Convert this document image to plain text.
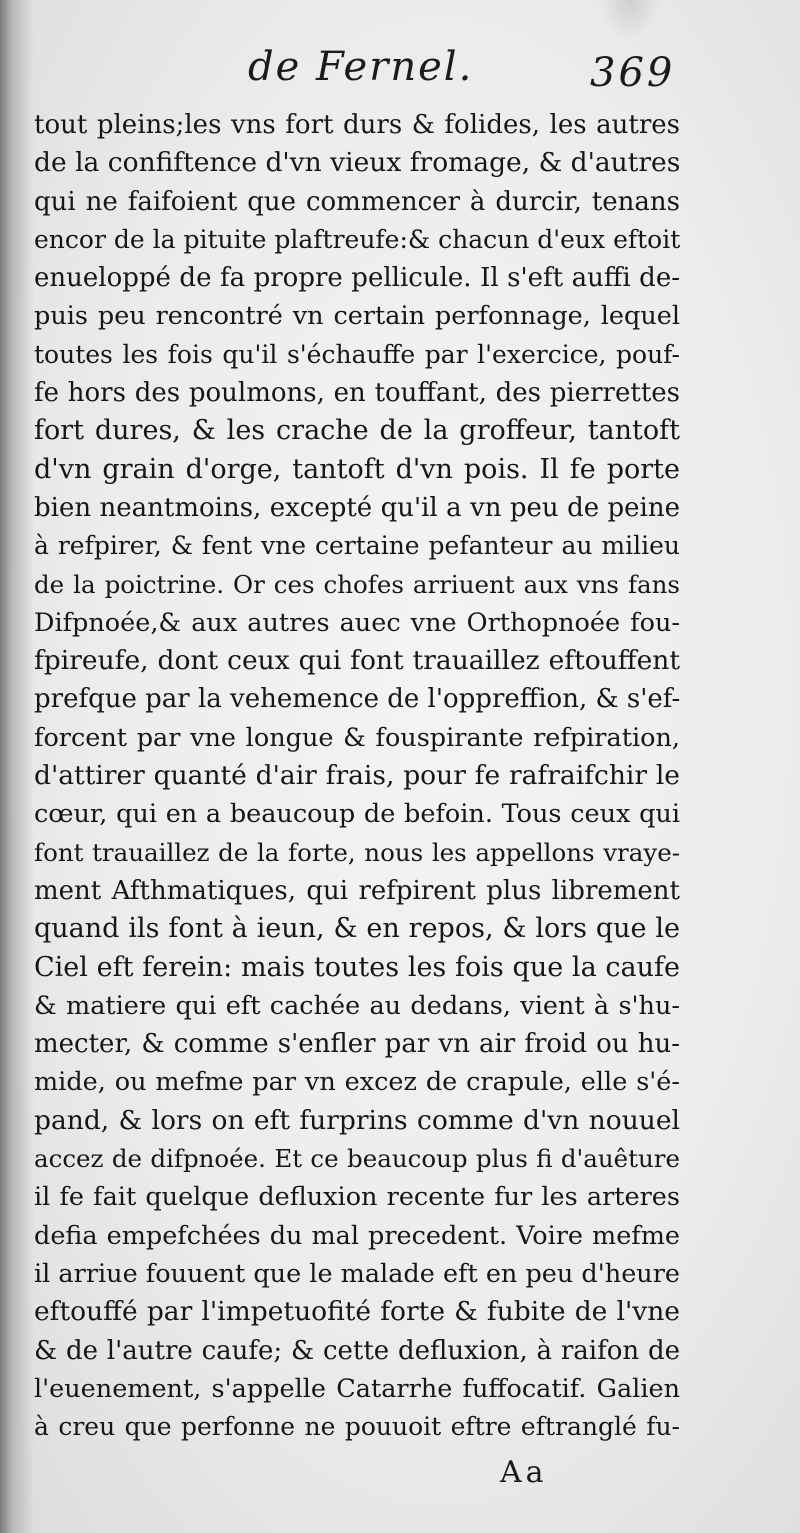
de Fernel.	369
tout pleins;les vns fort durs & folides, les autres
de la confiftence d'vn vieux fromage, & d'autres
qui ne faifoient que commencer à durcir, tenans
encor de la pituite plaftreufe:& chacun d'eux eftoit
enueloppé de fa propre pellicule. Il s'eft auffi de-
puis peu rencontré vn certain perfonnage, lequel
toutes les fois qu'il s'échauffe par l'exercice, pouf-
fe hors des poulmons, en touffant, des pierrettes
fort dures, & les crache de la groffeur, tantoft
d'vn grain d'orge, tantoft d'vn pois. Il fe porte
bien neantmoins, excepté qu'il a vn peu de peine
à refpirer, & fent vne certaine pefanteur au milieu
de la poictrine. Or ces chofes arriuent aux vns fans
Difpnoée,& aux autres auec vne Orthopnoée fou-
fpireufe, dont ceux qui font trauaillez eftouffent
prefque par la vehemence de l'oppreffion, & s'ef-
forcent par vne longue & fouspirante refpiration,
d'attirer quanté d'air frais, pour fe rafraifchir le
cœur, qui en a beaucoup de befoin. Tous ceux qui
font trauaillez de la forte, nous les appellons vraye-
ment Afthmatiques, qui refpirent plus librement
quand ils font à ieun, & en repos, & lors que le
Ciel eft ferein: mais toutes les fois que la caufe
& matiere qui eft cachée au dedans, vient à s'hu-
mecter, & comme s'enfler par vn air froid ou hu-
mide, ou mefme par vn excez de crapule, elle s'é-
pand, & lors on eft furprins comme d'vn nouuel
accez de difpnoée. Et ce beaucoup plus fi d'auêture
il fe fait quelque defluxion recente fur les arteres
defia empefchées du mal precedent. Voire mefme
il arriue fouuent que le malade eft en peu d'heure
eftouffé par l'impetuofité forte & fubite de l'vne
& de l'autre caufe; & cette defluxion, à raifon de
l'euenement, s'appelle Catarrhe fuffocatif. Galien
à creu que perfonne ne pouuoit eftre eftranglé fu-
Aa
